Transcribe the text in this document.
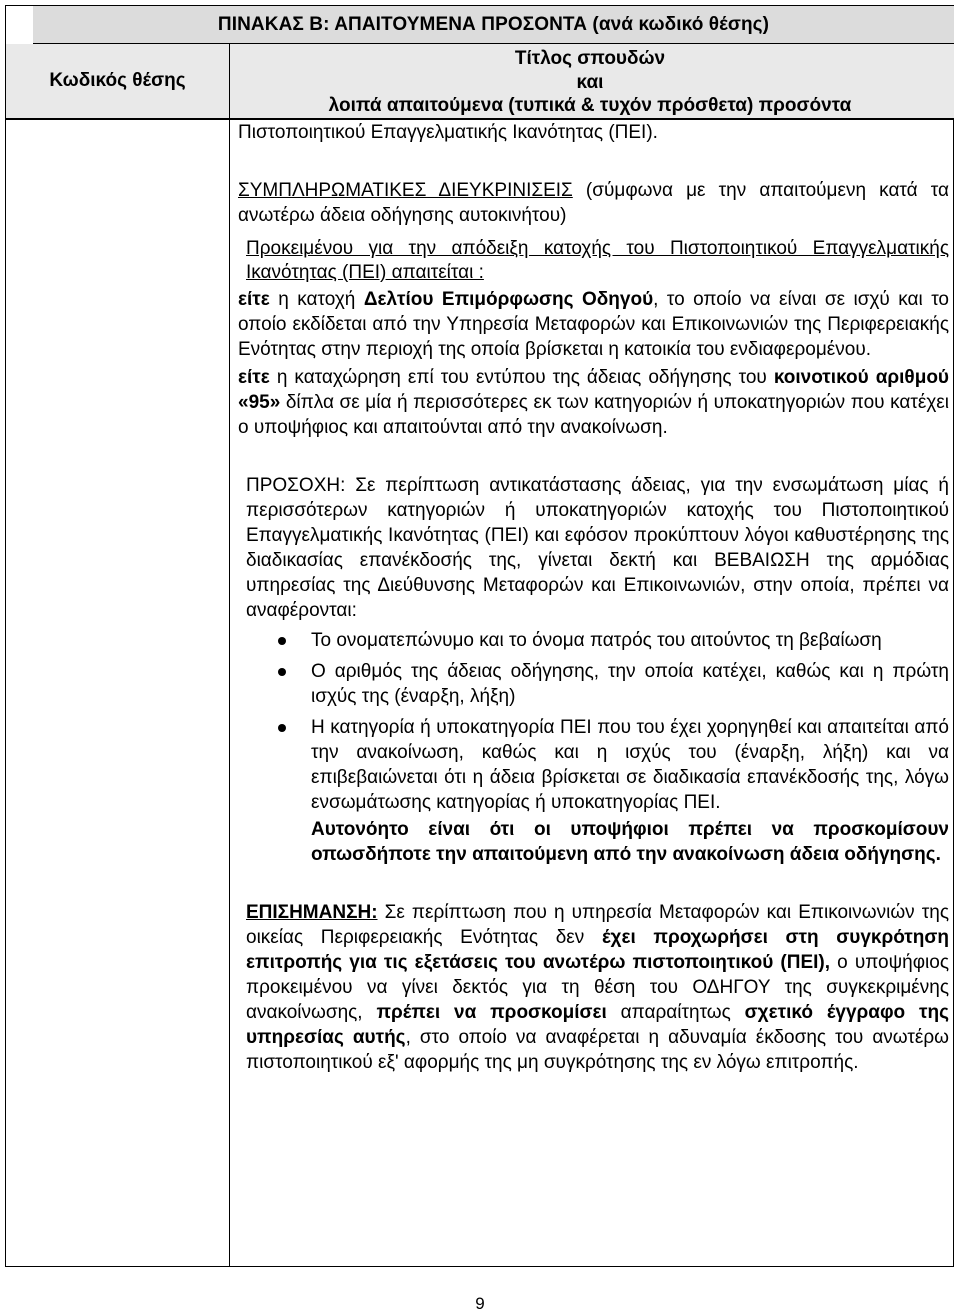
ΠΙΝΑΚΑΣ Β: ΑΠΑΙΤΟΥΜΕΝΑ ΠΡΟΣΟΝΤΑ (ανά κωδικό θέσης)
Κωδικός θέσης
Τίτλος σπουδών
και
λοιπά απαιτούμενα (τυπικά & τυχόν πρόσθετα) προσόντα

Πιστοποιητικού Επαγγελματικής Ικανότητας (ΠΕΙ).

ΣΥΜΠΛΗΡΩΜΑΤΙΚΕΣ ΔΙΕΥΚΡΙΝΙΣΕΙΣ (σύμφωνα με την απαιτούμενη κατά τα ανωτέρω άδεια οδήγησης αυτοκινήτου)

Προκειμένου για την απόδειξη κατοχής του Πιστοποιητικού Επαγγελματικής Ικανότητας (ΠΕΙ) απαιτείται :

είτε η κατοχή Δελτίου Επιμόρφωσης Οδηγού, το οποίο να είναι σε ισχύ και το οποίο εκδίδεται από την Υπηρεσία Μεταφορών και Επικοινωνιών της Περιφερειακής Ενότητας στην περιοχή της οποία βρίσκεται η κατοικία του ενδιαφερομένου.

είτε η καταχώρηση επί του εντύπου της άδειας οδήγησης του κοινοτικού αριθμού «95» δίπλα σε μία ή περισσότερες εκ των κατηγοριών ή υποκατηγοριών που κατέχει ο υποψήφιος και απαιτούνται από την ανακοίνωση.

ΠΡΟΣΟΧΗ: Σε περίπτωση αντικατάστασης άδειας, για την ενσωμάτωση μίας ή περισσότερων κατηγοριών ή υποκατηγοριών κατοχής του Πιστοποιητικού Επαγγελματικής Ικανότητας (ΠΕΙ) και εφόσον προκύπτουν λόγοι καθυστέρησης της διαδικασίας επανέκδοσής της, γίνεται δεκτή και ΒΕΒΑΙΩΣΗ της αρμόδιας υπηρεσίας της Διεύθυνσης Μεταφορών και Επικοινωνιών, στην οποία, πρέπει να αναφέρονται:

Το ονοματεπώνυμο και το όνομα πατρός του αιτούντος τη βεβαίωση
Ο αριθμός της άδειας οδήγησης, την οποία κατέχει, καθώς και η πρώτη ισχύς της (έναρξη, λήξη)
Η κατηγορία ή υποκατηγορία ΠΕΙ που του έχει χορηγηθεί και απαιτείται από την ανακοίνωση, καθώς και η ισχύς του (έναρξη, λήξη) και να επιβεβαιώνεται ότι η άδεια βρίσκεται σε διαδικασία επανέκδοσής της, λόγω ενσωμάτωσης κατηγορίας ή υποκατηγορίας ΠΕΙ.

Αυτονόητο είναι ότι οι υποψήφιοι πρέπει να προσκομίσουν οπωσδήποτε την απαιτούμενη από την ανακοίνωση άδεια οδήγησης.

ΕΠΙΣΗΜΑΝΣΗ: Σε περίπτωση που η υπηρεσία Μεταφορών και Επικοινωνιών της οικείας Περιφερειακής Ενότητας δεν έχει προχωρήσει στη συγκρότηση επιτροπής για τις εξετάσεις του ανωτέρω πιστοποιητικού (ΠΕΙ), ο υποψήφιος προκειμένου να γίνει δεκτός για τη θέση του ΟΔΗΓΟΥ της συγκεκριμένης ανακοίνωσης, πρέπει να προσκομίσει απαραίτητως σχετικό έγγραφο της υπηρεσίας αυτής, στο οποίο να αναφέρεται η αδυναμία έκδοσης του ανωτέρω πιστοποιητικού εξ' αφορμής της μη συγκρότησης της εν λόγω επιτροπής.

9
